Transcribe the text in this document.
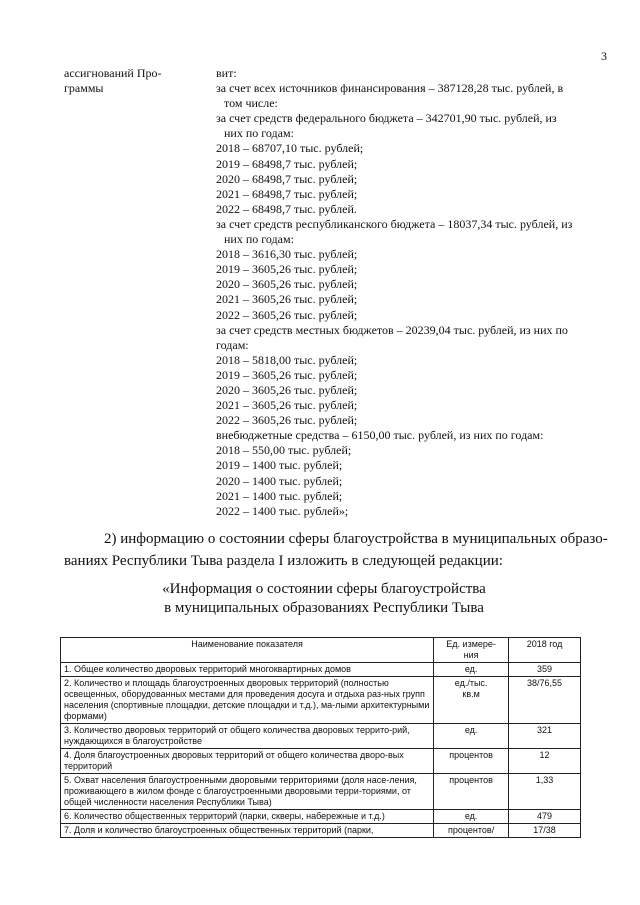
3
ассигнований Про-
граммы
вит:
за счет всех источников финансирования – 387128,28 тыс. рублей, в
том числе:
за счет средств федерального бюджета – 342701,90 тыс. рублей, из
них по годам:
2018 – 68707,10 тыс. рублей;
2019 – 68498,7 тыс. рублей;
2020 – 68498,7 тыс. рублей;
2021 – 68498,7 тыс. рублей;
2022 – 68498,7 тыс. рублей.
за счет средств республиканского бюджета – 18037,34 тыс. рублей, из
них по годам:
2018 – 3616,30 тыс. рублей;
2019 – 3605,26 тыс. рублей;
2020 – 3605,26 тыс. рублей;
2021 – 3605,26 тыс. рублей;
2022 – 3605,26 тыс. рублей;
за счет средств местных бюджетов – 20239,04 тыс. рублей, из них по
годам:
2018 – 5818,00 тыс. рублей;
2019 – 3605,26 тыс. рублей;
2020 – 3605,26 тыс. рублей;
2021 – 3605,26 тыс. рублей;
2022 – 3605,26 тыс. рублей;
внебюджетные средства – 6150,00 тыс. рублей, из них по годам:
2018 – 550,00 тыс. рублей;
2019 – 1400 тыс. рублей;
2020 – 1400 тыс. рублей;
2021 – 1400 тыс. рублей;
2022 – 1400 тыс. рублей»;
2) информацию о состоянии сферы благоустройства в муниципальных образо-
ваниях Республики Тыва раздела I изложить в следующей редакции:
«Информация о состоянии сферы благоустройства
в муниципальных образованиях Республики Тыва
Наименование показателя	Ед. измере-
ния	2018 год
1. Общее количество дворовых территорий многоквартирных домов	ед.	359
2. Количество и площадь благоустроенных дворовых территорий (полностью освещенных, оборудованных местами для проведения досуга и отдыха раз-ных групп населения (спортивные площадки, детские площадки и т.д.), ма-лыми архитектурными формами)	ед./тыс.
кв.м	38/76,55
3. Количество дворовых территорий от общего количества дворовых террито-рий, нуждающихся в благоустройстве	ед.	321
4. Доля благоустроенных дворовых территорий от общего количества дворо-вых территорий	процентов	12
5. Охват населения благоустроенными дворовыми территориями (доля насе-ления, проживающего в жилом фонде с благоустроенными дворовыми терри-ториями, от общей численности населения Республики Тыва)	процентов	1,33
6. Количество общественных территорий (парки, скверы, набережные и т.д.)	ед.	479
7. Доля и количество благоустроенных общественных территорий (парки,	процентов/	17/38
